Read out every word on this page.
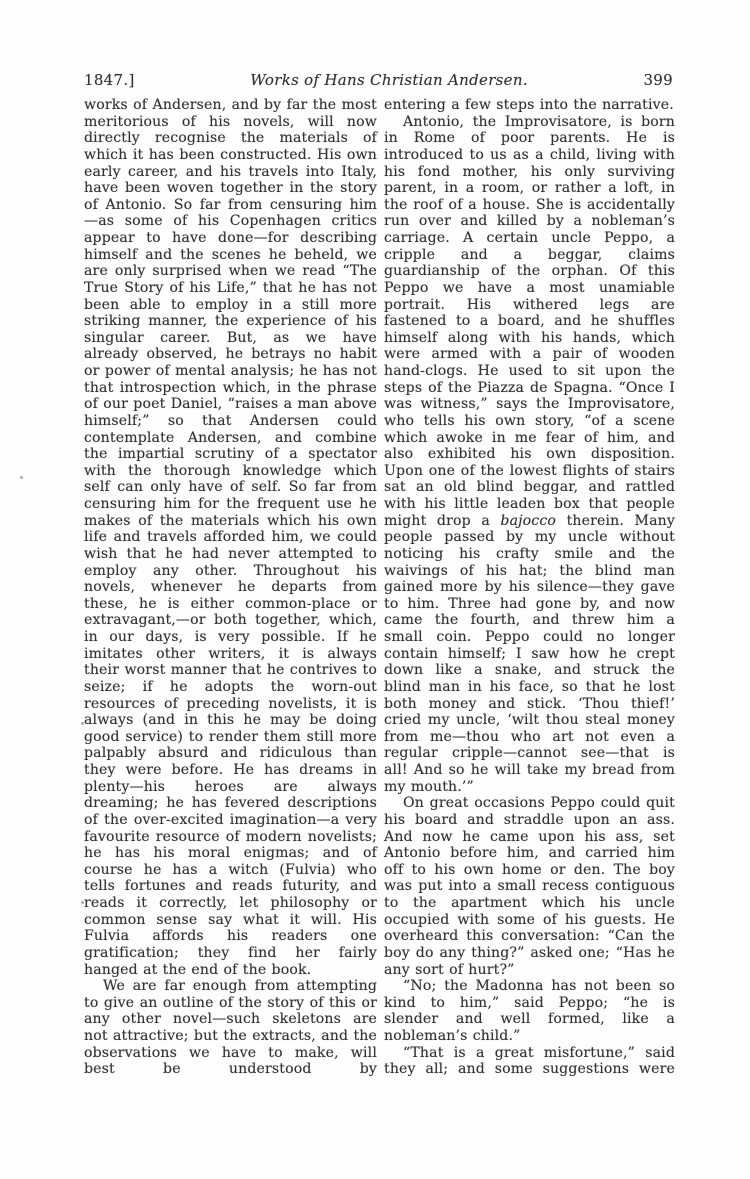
1847.]	Works of Hans Christian Andersen.	399

works of Andersen, and by far the most meritorious of his novels, will now directly recognise the materials of which it has been constructed. His own early career, and his travels into Italy, have been woven together in the story of Antonio. So far from censuring him—as some of his Copenhagen critics appear to have done—for describing himself and the scenes he beheld, we are only surprised when we read “The True Story of his Life,” that he has not been able to employ in a still more striking manner, the experience of his singular career. But, as we have already observed, he betrays no habit or power of mental analysis; he has not that introspection which, in the phrase of our poet Daniel, “raises a man above himself;” so that Andersen could contemplate Andersen, and combine the impartial scrutiny of a spectator with the thorough knowledge which self can only have of self. So far from censuring him for the frequent use he makes of the materials which his own life and travels afforded him, we could wish that he had never attempted to employ any other. Throughout his novels, whenever he departs from these, he is either common-place or extravagant,—or both together, which, in our days, is very possible. If he imitates other writers, it is always their worst manner that he contrives to seize; if he adopts the worn-out resources of preceding novelists, it is always (and in this he may be doing good service) to render them still more palpably absurd and ridiculous than they were before. He has dreams in plenty—his heroes are always dreaming; he has fevered descriptions of the over-excited imagination—a very favourite resource of modern novelists; he has his moral enigmas; and of course he has a witch (Fulvia) who tells fortunes and reads futurity, and reads it correctly, let philosophy or common sense say what it will. His Fulvia affords his readers one gratification; they find her fairly hanged at the end of the book.

We are far enough from attempting to give an outline of the story of this or any other novel—such skeletons are not attractive; but the extracts, and the observations we have to make, will best be understood by

entering a few steps into the narrative.

Antonio, the Improvisatore, is born in Rome of poor parents. He is introduced to us as a child, living with his fond mother, his only surviving parent, in a room, or rather a loft, in the roof of a house. She is accidentally run over and killed by a nobleman’s carriage. A certain uncle Peppo, a cripple and a beggar, claims guardianship of the orphan. Of this Peppo we have a most unamiable portrait. His withered legs are fastened to a board, and he shuffles himself along with his hands, which were armed with a pair of wooden hand-clogs. He used to sit upon the steps of the Piazza de Spagna. “Once I was witness,” says the Improvisatore, who tells his own story, “of a scene which awoke in me fear of him, and also exhibited his own disposition. Upon one of the lowest flights of stairs sat an old blind beggar, and rattled with his little leaden box that people might drop a bajocco therein. Many people passed by my uncle without noticing his crafty smile and the waivings of his hat; the blind man gained more by his silence—they gave to him. Three had gone by, and now came the fourth, and threw him a small coin. Peppo could no longer contain himself; I saw how he crept down like a snake, and struck the blind man in his face, so that he lost both money and stick. ‘Thou thief!’ cried my uncle, ‘wilt thou steal money from me—thou who art not even a regular cripple—cannot see—that is all! And so he will take my bread from my mouth.’”

On great occasions Peppo could quit his board and straddle upon an ass. And now he came upon his ass, set Antonio before him, and carried him off to his own home or den. The boy was put into a small recess contiguous to the apartment which his uncle occupied with some of his guests. He overheard this conversation: “Can the boy do any thing?” asked one; “Has he any sort of hurt?”

“No; the Madonna has not been so kind to him,” said Peppo; “he is slender and well formed, like a nobleman’s child.”

“That is a great misfortune,” said they all; and some suggestions were
